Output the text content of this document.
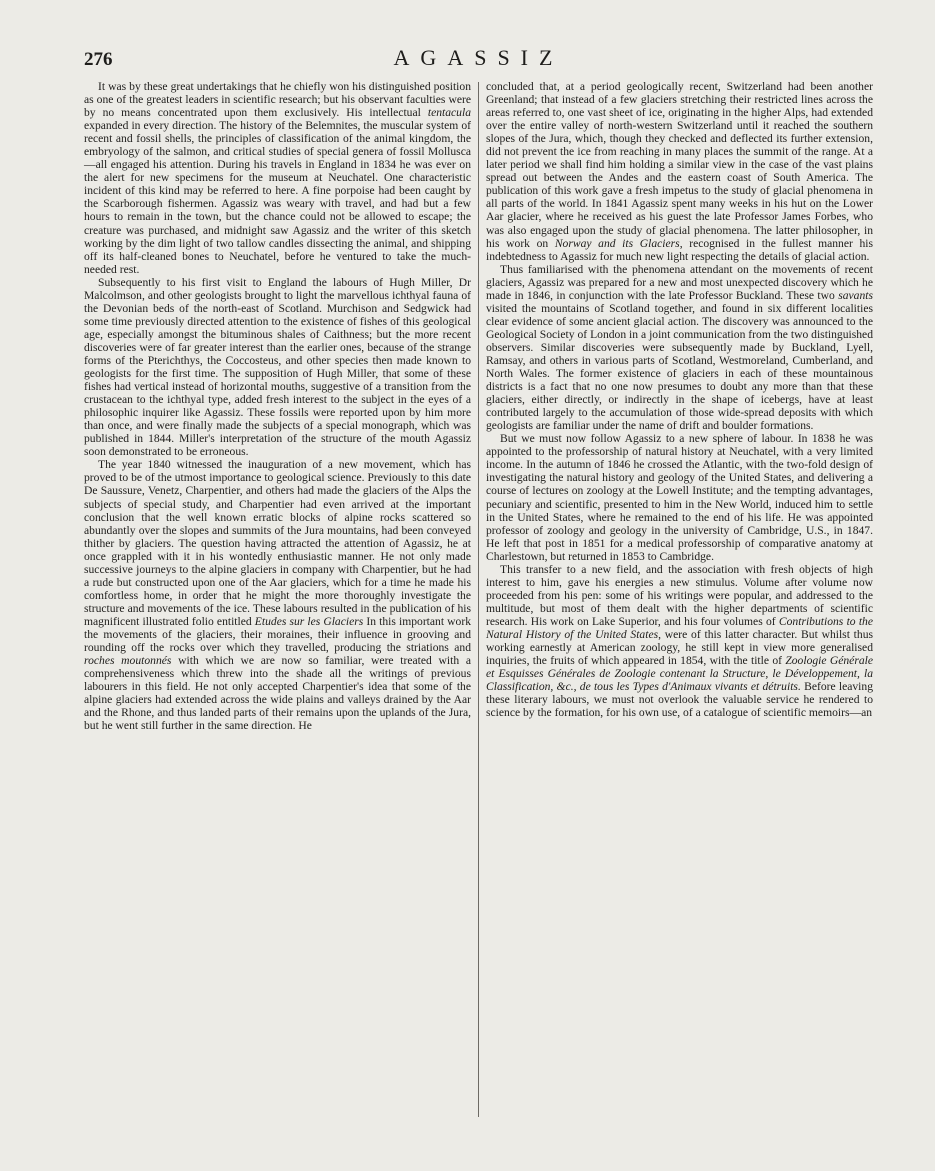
276	AGASSIZ

It was by these great undertakings that he chiefly won his distinguished position as one of the greatest leaders in scientific research; but his observant faculties were by no means concentrated upon them exclusively. His intellectual tentacula expanded in every direction. The history of the Belemnites, the muscular system of recent and fossil shells, the principles of classification of the animal kingdom, the embryology of the salmon, and critical studies of special genera of fossil Mollusca—all engaged his attention. During his travels in England in 1834 he was ever on the alert for new specimens for the museum at Neuchatel. One characteristic incident of this kind may be referred to here. A fine porpoise had been caught by the Scarborough fishermen. Agassiz was weary with travel, and had but a few hours to remain in the town, but the chance could not be allowed to escape; the creature was purchased, and midnight saw Agassiz and the writer of this sketch working by the dim light of two tallow candles dissecting the animal, and shipping off its half-cleaned bones to Neuchatel, before he ventured to take the much-needed rest.

Subsequently to his first visit to England the labours of Hugh Miller, Dr Malcolmson, and other geologists brought to light the marvellous ichthyal fauna of the Devonian beds of the north-east of Scotland. Murchison and Sedgwick had some time previously directed attention to the existence of fishes of this geological age, especially amongst the bituminous shales of Caithness; but the more recent discoveries were of far greater interest than the earlier ones, because of the strange forms of the Pterichthys, the Coccosteus, and other species then made known to geologists for the first time. The supposition of Hugh Miller, that some of these fishes had vertical instead of horizontal mouths, suggestive of a transition from the crustacean to the ichthyal type, added fresh interest to the subject in the eyes of a philosophic inquirer like Agassiz. These fossils were reported upon by him more than once, and were finally made the subjects of a special monograph, which was published in 1844. Miller's interpretation of the structure of the mouth Agassiz soon demonstrated to be erroneous.

The year 1840 witnessed the inauguration of a new movement, which has proved to be of the utmost importance to geological science. Previously to this date De Saussure, Venetz, Charpentier, and others had made the glaciers of the Alps the subjects of special study, and Charpentier had even arrived at the important conclusion that the well known erratic blocks of alpine rocks scattered so abundantly over the slopes and summits of the Jura mountains, had been conveyed thither by glaciers. The question having attracted the attention of Agassiz, he at once grappled with it in his wontedly enthusiastic manner. He not only made successive journeys to the alpine glaciers in company with Charpentier, but he had a rude but constructed upon one of the Aar glaciers, which for a time he made his comfortless home, in order that he might the more thoroughly investigate the structure and movements of the ice. These labours resulted in the publication of his magnificent illustrated folio entitled Etudes sur les Glaciers In this important work the movements of the glaciers, their moraines, their influence in grooving and rounding off the rocks over which they travelled, producing the striations and roches moutonnés with which we are now so familiar, were treated with a comprehensiveness which threw into the shade all the writings of previous labourers in this field. He not only accepted Charpentier's idea that some of the alpine glaciers had extended across the wide plains and valleys drained by the Aar and the Rhone, and thus landed parts of their remains upon the uplands of the Jura, but he went still further in the same direction. He

concluded that, at a period geologically recent, Switzerland had been another Greenland; that instead of a few glaciers stretching their restricted lines across the areas referred to, one vast sheet of ice, originating in the higher Alps, had extended over the entire valley of north-western Switzerland until it reached the southern slopes of the Jura, which, though they checked and deflected its further extension, did not prevent the ice from reaching in many places the summit of the range. At a later period we shall find him holding a similar view in the case of the vast plains spread out between the Andes and the eastern coast of South America. The publication of this work gave a fresh impetus to the study of glacial phenomena in all parts of the world. In 1841 Agassiz spent many weeks in his hut on the Lower Aar glacier, where he received as his guest the late Professor James Forbes, who was also engaged upon the study of glacial phenomena. The latter philosopher, in his work on Norway and its Glaciers, recognised in the fullest manner his indebtedness to Agassiz for much new light respecting the details of glacial action.

Thus familiarised with the phenomena attendant on the movements of recent glaciers, Agassiz was prepared for a new and most unexpected discovery which he made in 1846, in conjunction with the late Professor Buckland. These two savants visited the mountains of Scotland together, and found in six different localities clear evidence of some ancient glacial action. The discovery was announced to the Geological Society of London in a joint communication from the two distinguished observers. Similar discoveries were subsequently made by Buckland, Lyell, Ramsay, and others in various parts of Scotland, Westmoreland, Cumberland, and North Wales. The former existence of glaciers in each of these mountainous districts is a fact that no one now presumes to doubt any more than that these glaciers, either directly, or indirectly in the shape of icebergs, have at least contributed largely to the accumulation of those wide-spread deposits with which geologists are familiar under the name of drift and boulder formations.

But we must now follow Agassiz to a new sphere of labour. In 1838 he was appointed to the professorship of natural history at Neuchatel, with a very limited income. In the autumn of 1846 he crossed the Atlantic, with the two-fold design of investigating the natural history and geology of the United States, and delivering a course of lectures on zoology at the Lowell Institute; and the tempting advantages, pecuniary and scientific, presented to him in the New World, induced him to settle in the United States, where he remained to the end of his life. He was appointed professor of zoology and geology in the university of Cambridge, U.S., in 1847. He left that post in 1851 for a medical professorship of comparative anatomy at Charlestown, but returned in 1853 to Cambridge.

This transfer to a new field, and the association with fresh objects of high interest to him, gave his energies a new stimulus. Volume after volume now proceeded from his pen: some of his writings were popular, and addressed to the multitude, but most of them dealt with the higher departments of scientific research. His work on Lake Superior, and his four volumes of Contributions to the Natural History of the United States, were of this latter character. But whilst thus working earnestly at American zoology, he still kept in view more generalised inquiries, the fruits of which appeared in 1854, with the title of Zoologie Générale et Esquisses Générales de Zoologie contenant la Structure, le Développement, la Classification, &c., de tous les Types d'Animaux vivants et détruits. Before leaving these literary labours, we must not overlook the valuable service he rendered to science by the formation, for his own use, of a catalogue of scientific memoirs—an
